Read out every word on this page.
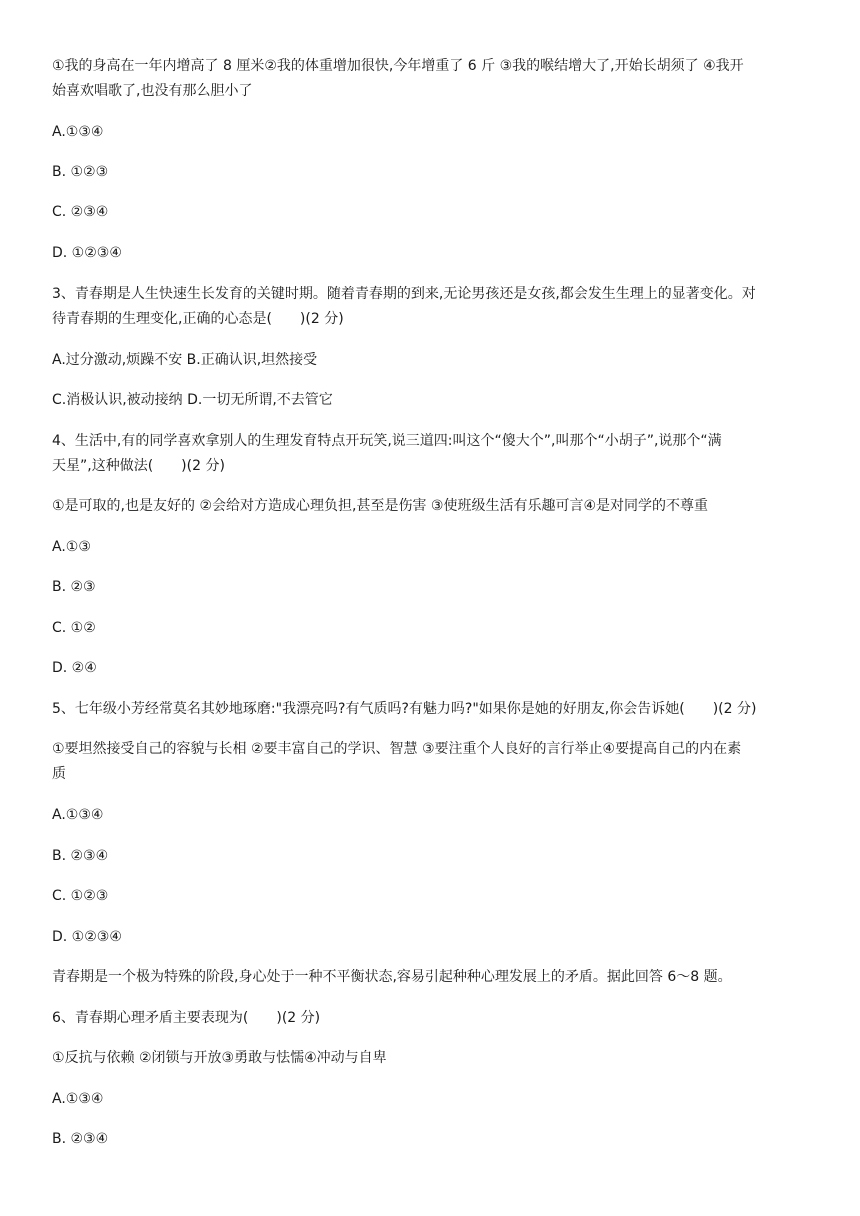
①我的身高在一年内增高了 8 厘米②我的体重增加很快,今年增重了 6 斤 ③我的喉结增大了,开始长胡须了 ④我开
始喜欢唱歌了,也没有那么胆小了
A.①③④
B. ①②③
C. ②③④
D. ①②③④
3、青春期是人生快速生长发育的关键时期。随着青春期的到来,无论男孩还是女孩,都会发生生理上的显著变化。对
待青春期的生理变化,正确的心态是(　　)(2 分)
A.过分激动,烦躁不安 B.正确认识,坦然接受
C.消极认识,被动接纳 D.一切无所谓,不去管它
4、生活中,有的同学喜欢拿别人的生理发育特点开玩笑,说三道四:叫这个“傻大个”,叫那个“小胡子”,说那个“满
天星”,这种做法(　　)(2 分)
①是可取的,也是友好的 ②会给对方造成心理负担,甚至是伤害 ③使班级生活有乐趣可言④是对同学的不尊重
A.①③
B. ②③
C. ①②
D. ②④
5、七年级小芳经常莫名其妙地琢磨:"我漂亮吗?有气质吗?有魅力吗?"如果你是她的好朋友,你会告诉她(　　)(2 分)
①要坦然接受自己的容貌与长相 ②要丰富自己的学识、智慧 ③要注重个人良好的言行举止④要提高自己的内在素
质
A.①③④
B. ②③④
C. ①②③
D. ①②③④
青春期是一个极为特殊的阶段,身心处于一种不平衡状态,容易引起种种心理发展上的矛盾。据此回答 6～8 题。
6、青春期心理矛盾主要表现为(　　)(2 分)
①反抗与依赖 ②闭锁与开放③勇敢与怯懦④冲动与自卑
A.①③④
B. ②③④
